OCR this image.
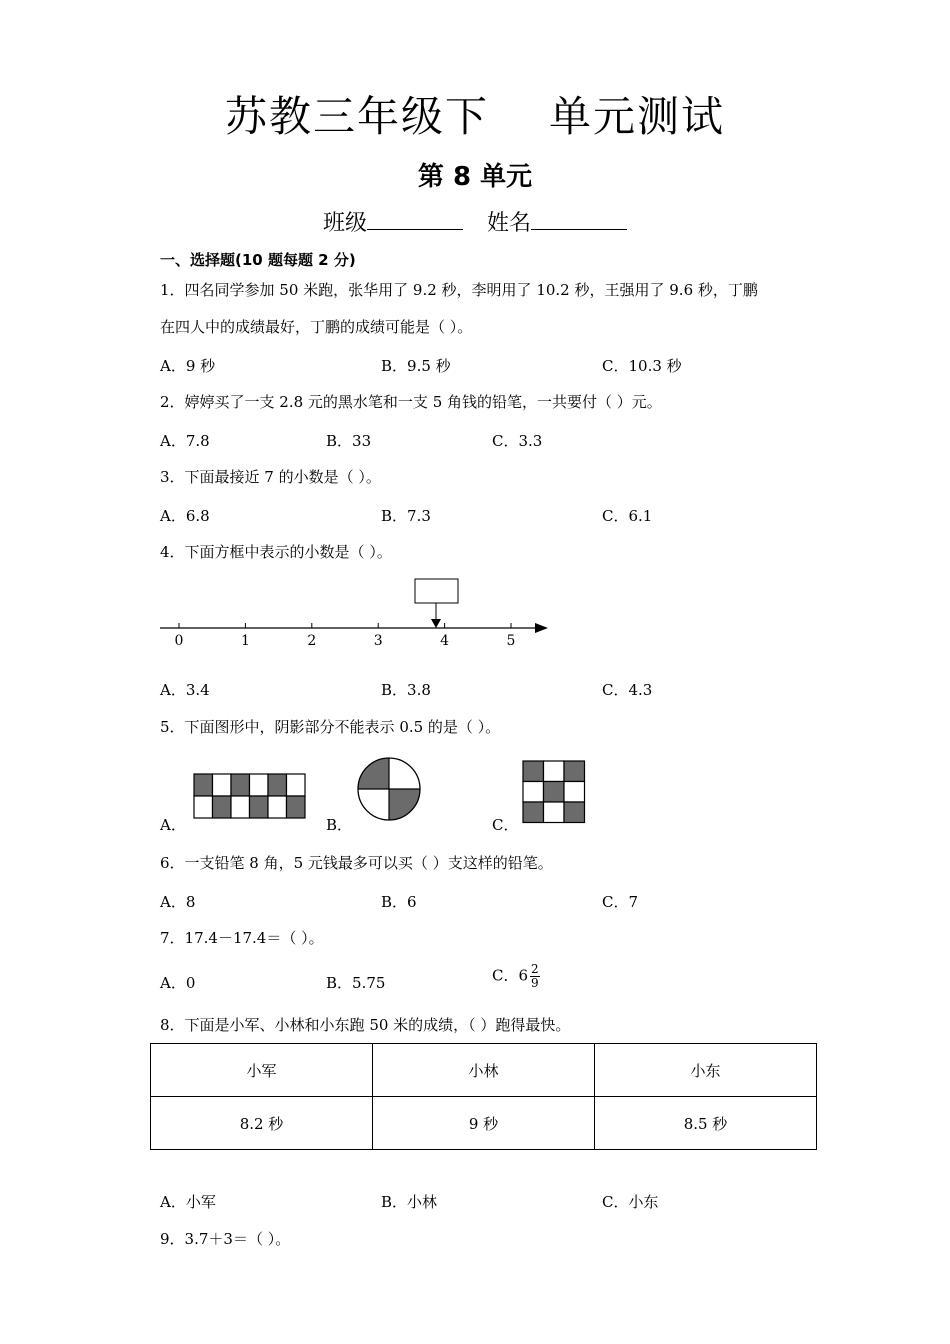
苏教三年级下 单元测试
第 8 单元
班级	姓名
一、选择题(10 题每题 2 分)
1．四名同学参加 50 米跑，张华用了 9.2 秒，李明用了 10.2 秒，王强用了 9.6 秒，丁鹏
在四人中的成绩最好，丁鹏的成绩可能是（ ）。
A．9 秒	B．9.5 秒	C．10.3 秒
2．婷婷买了一支 2.8 元的黑水笔和一支 5 角钱的铅笔，一共要付（ ）元。
A．7.8	B．33	C．3.3
3．下面最接近 7 的小数是（ ）。
A．6.8	B．7.3	C．6.1
4．下面方框中表示的小数是（ ）。
0	1	2	3	4	5
A．3.4	B．3.8	C．4.3
5．下面图形中，阴影部分不能表示 0.5 的是（ ）。
A．	B．	C．
6．一支铅笔 8 角，5 元钱最多可以买（ ）支这样的铅笔。
A．8	B．6	C．7
7．17.4－17.4＝（ ）。
A．0	B．5.75	C．$6 \frac{2}{9}$
8．下面是小军、小林和小东跑 50 米的成绩，（ ）跑得最快。
小军	小林	小东
8.2 秒	9 秒	8.5 秒
A．小军	B．小林	C．小东
9．3.7＋3＝（ ）。
